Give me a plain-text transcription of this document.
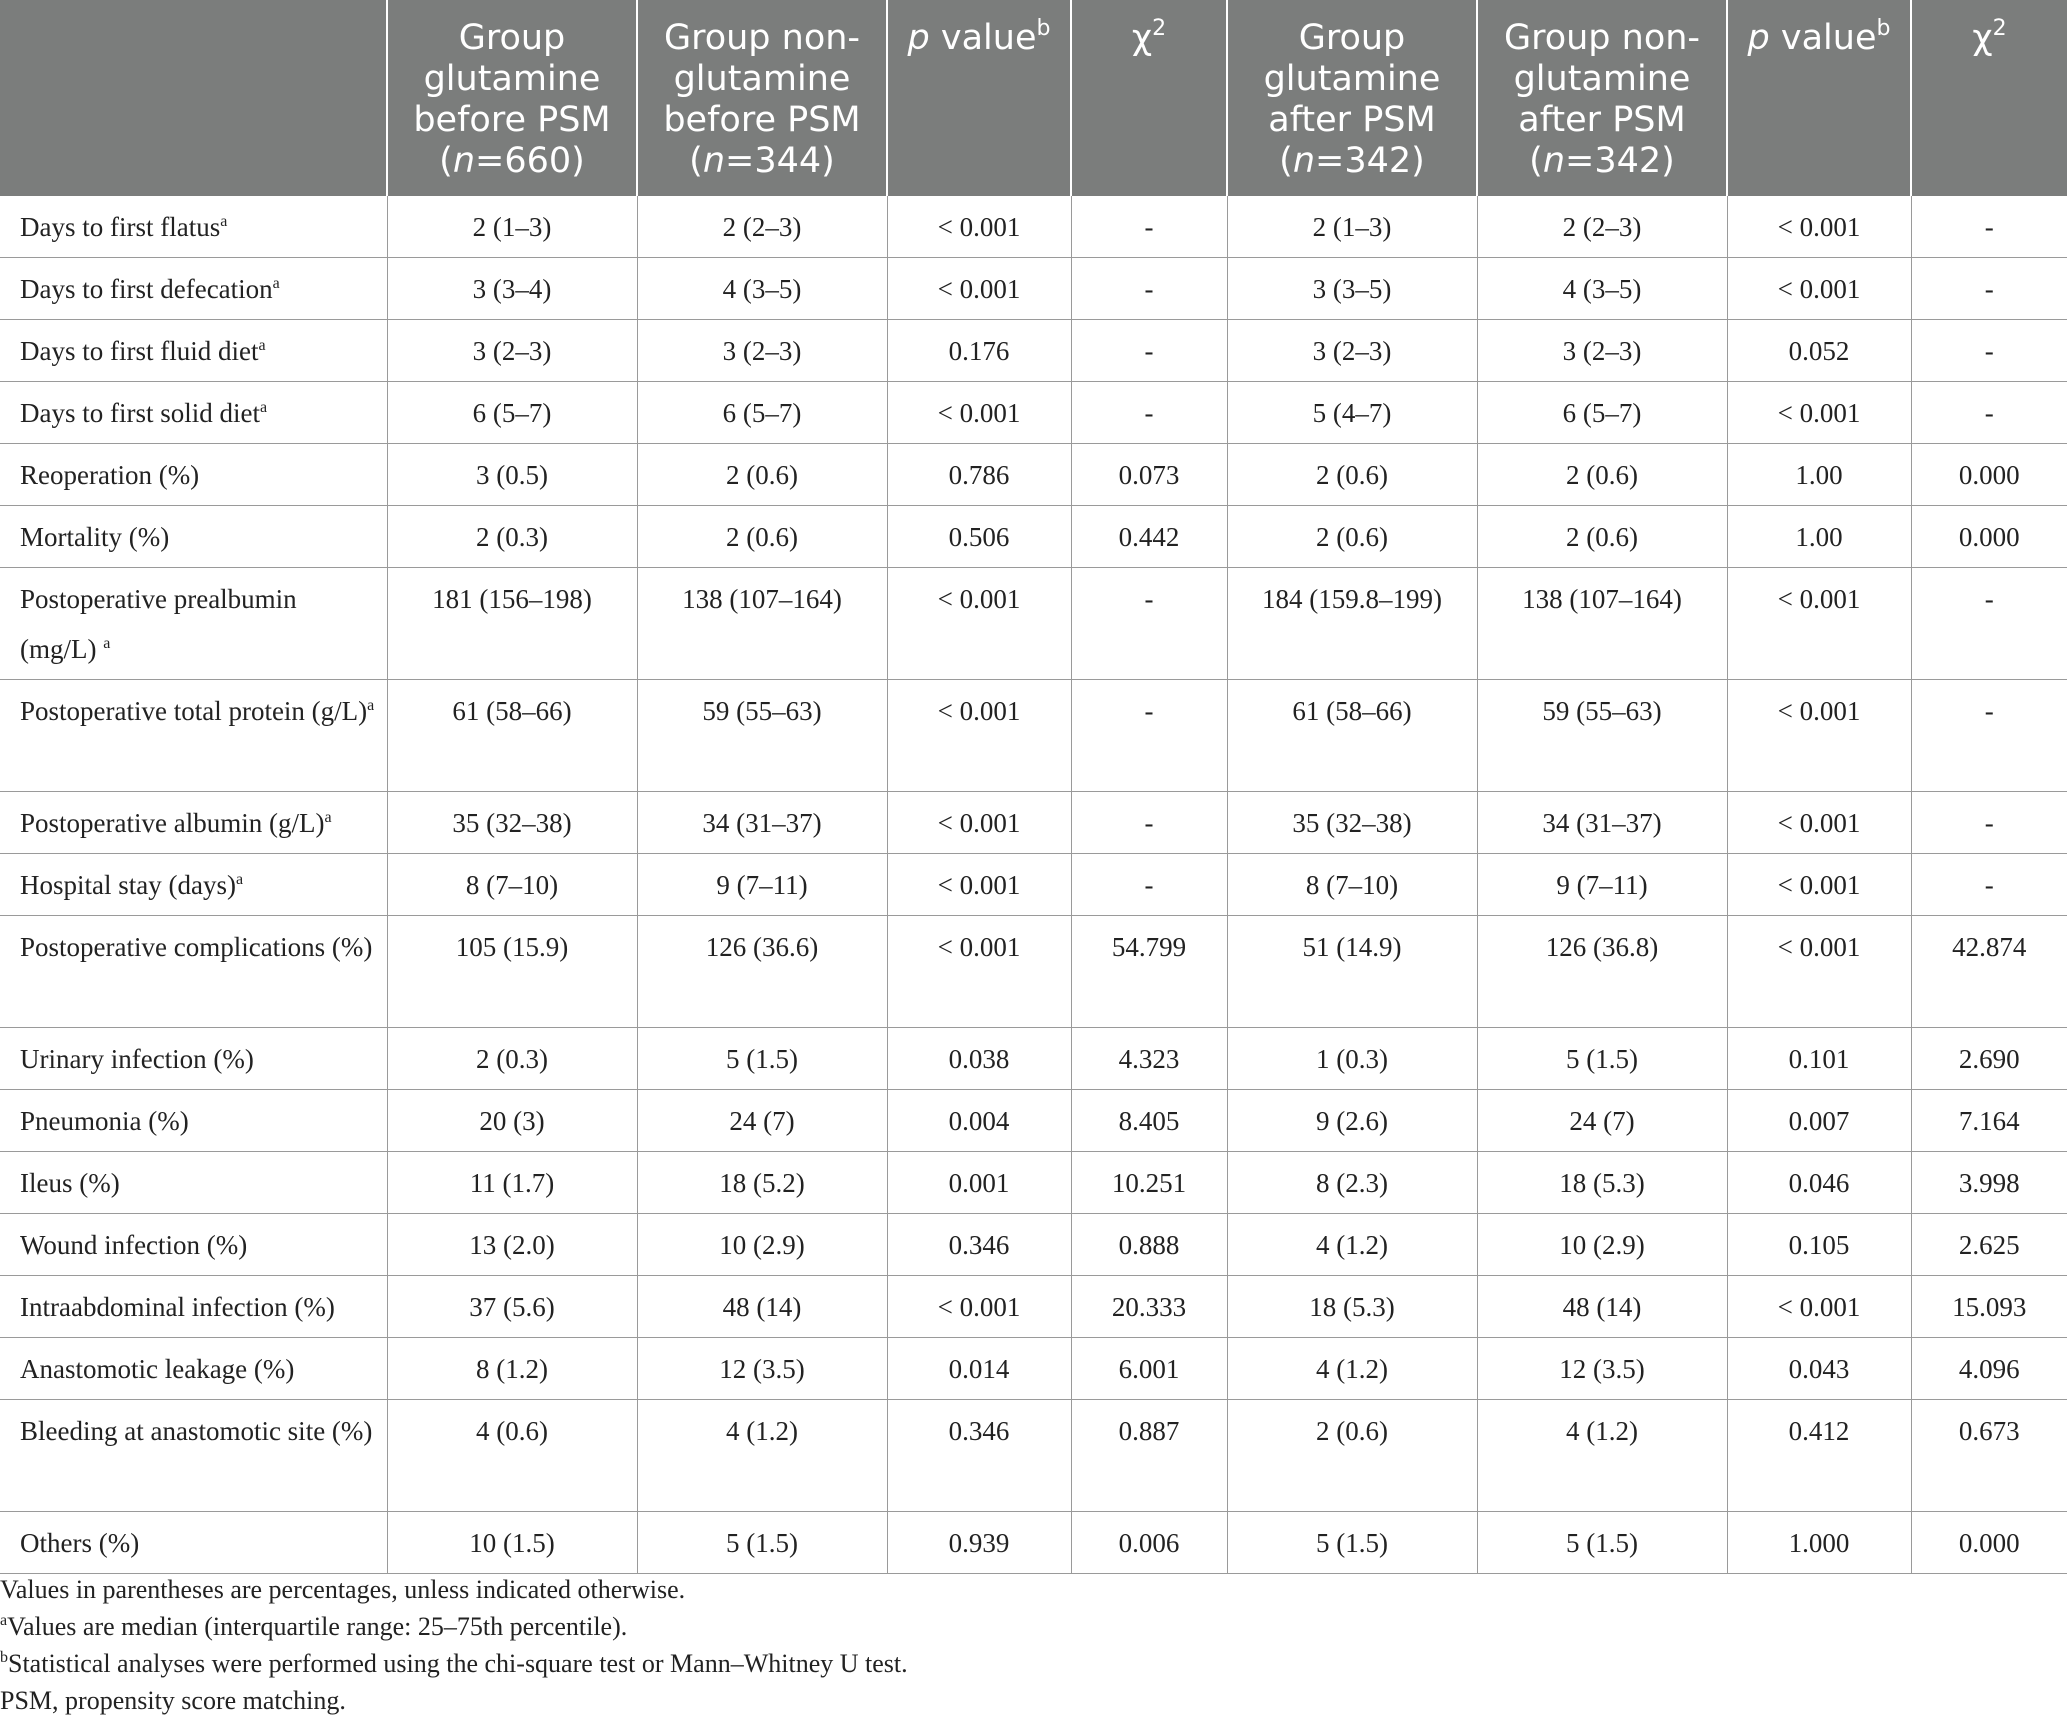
	Group glutamine before PSM (n=660)	Group non-glutamine before PSM (n=344)	p value$^b$	$\chi^2$	Group glutamine after PSM (n=342)	Group non-glutamine after PSM (n=342)	p value$^b$	$\chi^2$
Days to first flatus$^a$	2 (1–3)	2 (2–3)	< 0.001	-	2 (1–3)	2 (2–3)	< 0.001	-
Days to first defecation$^a$	3 (3–4)	4 (3–5)	< 0.001	-	3 (3–5)	4 (3–5)	< 0.001	-
Days to first fluid diet$^a$	3 (2–3)	3 (2–3)	0.176	-	3 (2–3)	3 (2–3)	0.052	-
Days to first solid diet$^a$	6 (5–7)	6 (5–7)	< 0.001	-	5 (4–7)	6 (5–7)	< 0.001	-
Reoperation (%)	3 (0.5)	2 (0.6)	0.786	0.073	2 (0.6)	2 (0.6)	1.00	0.000
Mortality (%)	2 (0.3)	2 (0.6)	0.506	0.442	2 (0.6)	2 (0.6)	1.00	0.000
Postoperative prealbumin (mg/L) $^a$	181 (156–198)	138 (107–164)	< 0.001	-	184 (159.8–199)	138 (107–164)	< 0.001	-
Postoperative total protein $(g/L)^a$	61 (58–66)	59 (55–63)	< 0.001	-	61 (58–66)	59 (55–63)	< 0.001	-
Postoperative albumin $(g/L)^a$	35 (32–38)	34 (31–37)	< 0.001	-	35 (32–38)	34 (31–37)	< 0.001	-
Hospital stay (days)$^a$	8 (7–10)	9 (7–11)	< 0.001	-	8 (7–10)	9 (7–11)	< 0.001	-
Postoperative complications (%)	105 (15.9)	126 (36.6)	< 0.001	54.799	51 (14.9)	126 (36.8)	< 0.001	42.874
Urinary infection (%)	2 (0.3)	5 (1.5)	0.038	4.323	1 (0.3)	5 (1.5)	0.101	2.690
Pneumonia (%)	20 (3)	24 (7)	0.004	8.405	9 (2.6)	24 (7)	0.007	7.164
Ileus (%)	11 (1.7)	18 (5.2)	0.001	10.251	8 (2.3)	18 (5.3)	0.046	3.998
Wound infection (%)	13 (2.0)	10 (2.9)	0.346	0.888	4 (1.2)	10 (2.9)	0.105	2.625
Intraabdominal infection (%)	37 (5.6)	48 (14)	< 0.001	20.333	18 (5.3)	48 (14)	< 0.001	15.093
Anastomotic leakage (%)	8 (1.2)	12 (3.5)	0.014	6.001	4 (1.2)	12 (3.5)	0.043	4.096
Bleeding at anastomotic site (%)	4 (0.6)	4 (1.2)	0.346	0.887	2 (0.6)	4 (1.2)	0.412	0.673
Others (%)	10 (1.5)	5 (1.5)	0.939	0.006	5 (1.5)	5 (1.5)	1.000	0.000
Values in parentheses are percentages, unless indicated otherwise.
$^a$Values are median (interquartile range: 25–75th percentile).
$^b$Statistical analyses were performed using the chi-square test or Mann–Whitney U test.
PSM, propensity score matching.
